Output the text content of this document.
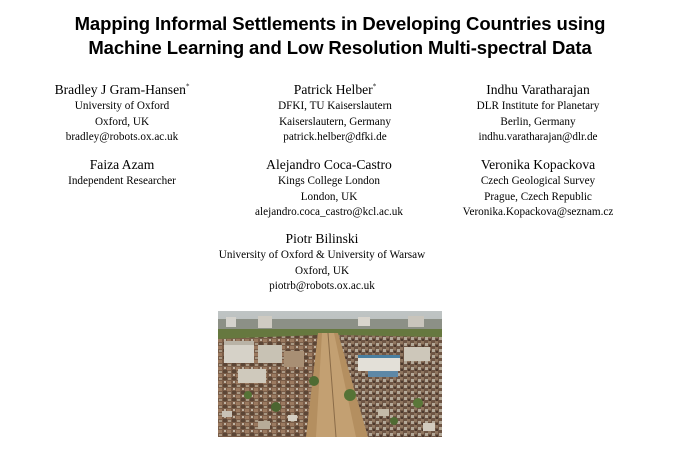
Mapping Informal Settlements in Developing Countries using
Machine Learning and Low Resolution Multi-spectral Data
Bradley J Gram-Hansen*
University of Oxford
Oxford, UK
bradley@robots.ox.ac.uk
Patrick Helber*
DFKI, TU Kaiserslautern
Kaiserslautern, Germany
patrick.helber@dfki.de
Indhu Varatharajan
DLR Institute for Planetary
Berlin, Germany
indhu.varatharajan@dlr.de
Faiza Azam
Independent Researcher
Alejandro Coca-Castro
Kings College London
London, UK
alejandro.coca_castro@kcl.ac.uk
Veronika Kopackova
Czech Geological Survey
Prague, Czech Republic
Veronika.Kopackova@seznam.cz
Piotr Bilinski
University of Oxford & University of Warsaw
Oxford, UK
piotrb@robots.ox.ac.uk
